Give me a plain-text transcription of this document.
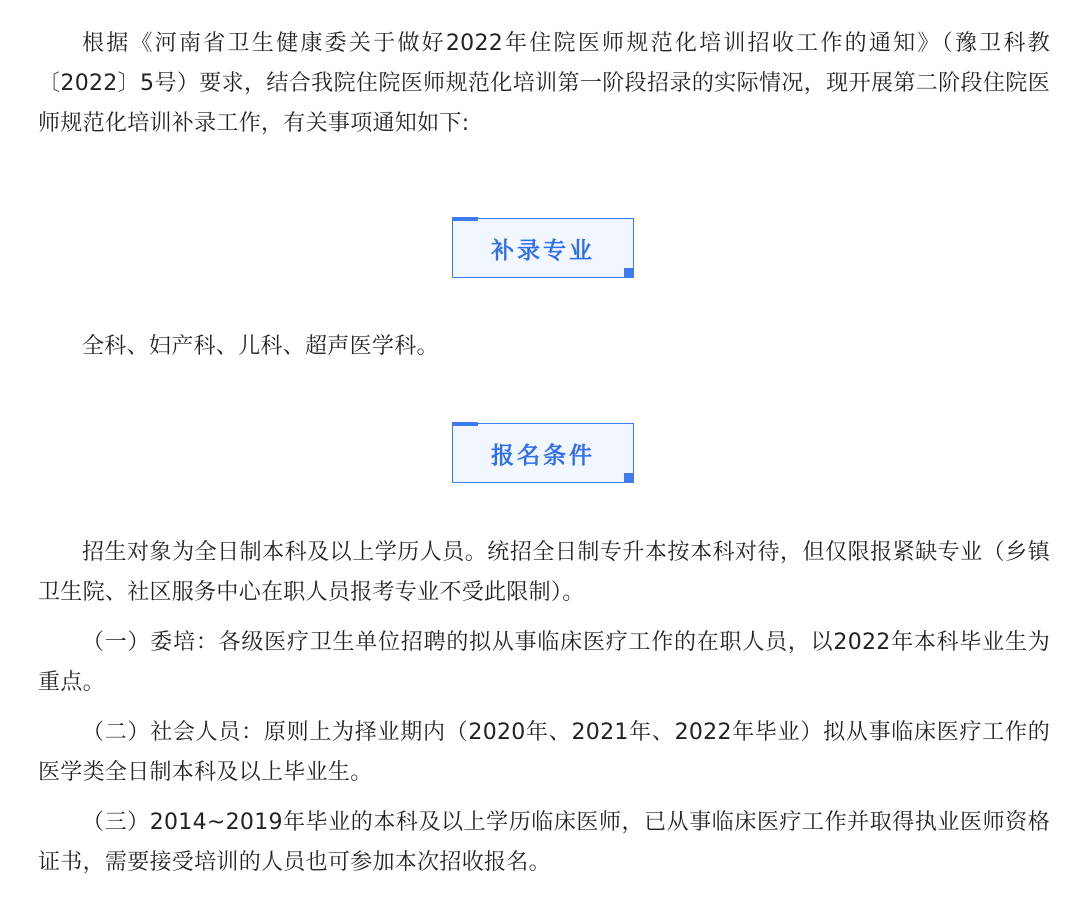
根据《河南省卫生健康委关于做好2022年住院医师规范化培训招收工作的通知》（豫卫科教〔2022〕5号）要求，结合我院住院医师规范化培训第一阶段招录的实际情况，现开展第二阶段住院医师规范化培训补录工作，有关事项通知如下:

补录专业

全科、妇产科、儿科、超声医学科。

报名条件

招生对象为全日制本科及以上学历人员。统招全日制专升本按本科对待，但仅限报紧缺专业（乡镇卫生院、社区服务中心在职人员报考专业不受此限制）。

（一）委培：各级医疗卫生单位招聘的拟从事临床医疗工作的在职人员，以2022年本科毕业生为重点。

（二）社会人员：原则上为择业期内（2020年、2021年、2022年毕业）拟从事临床医疗工作的医学类全日制本科及以上毕业生。

（三）2014~2019年毕业的本科及以上学历临床医师，已从事临床医疗工作并取得执业医师资格证书，需要接受培训的人员也可参加本次招收报名。
